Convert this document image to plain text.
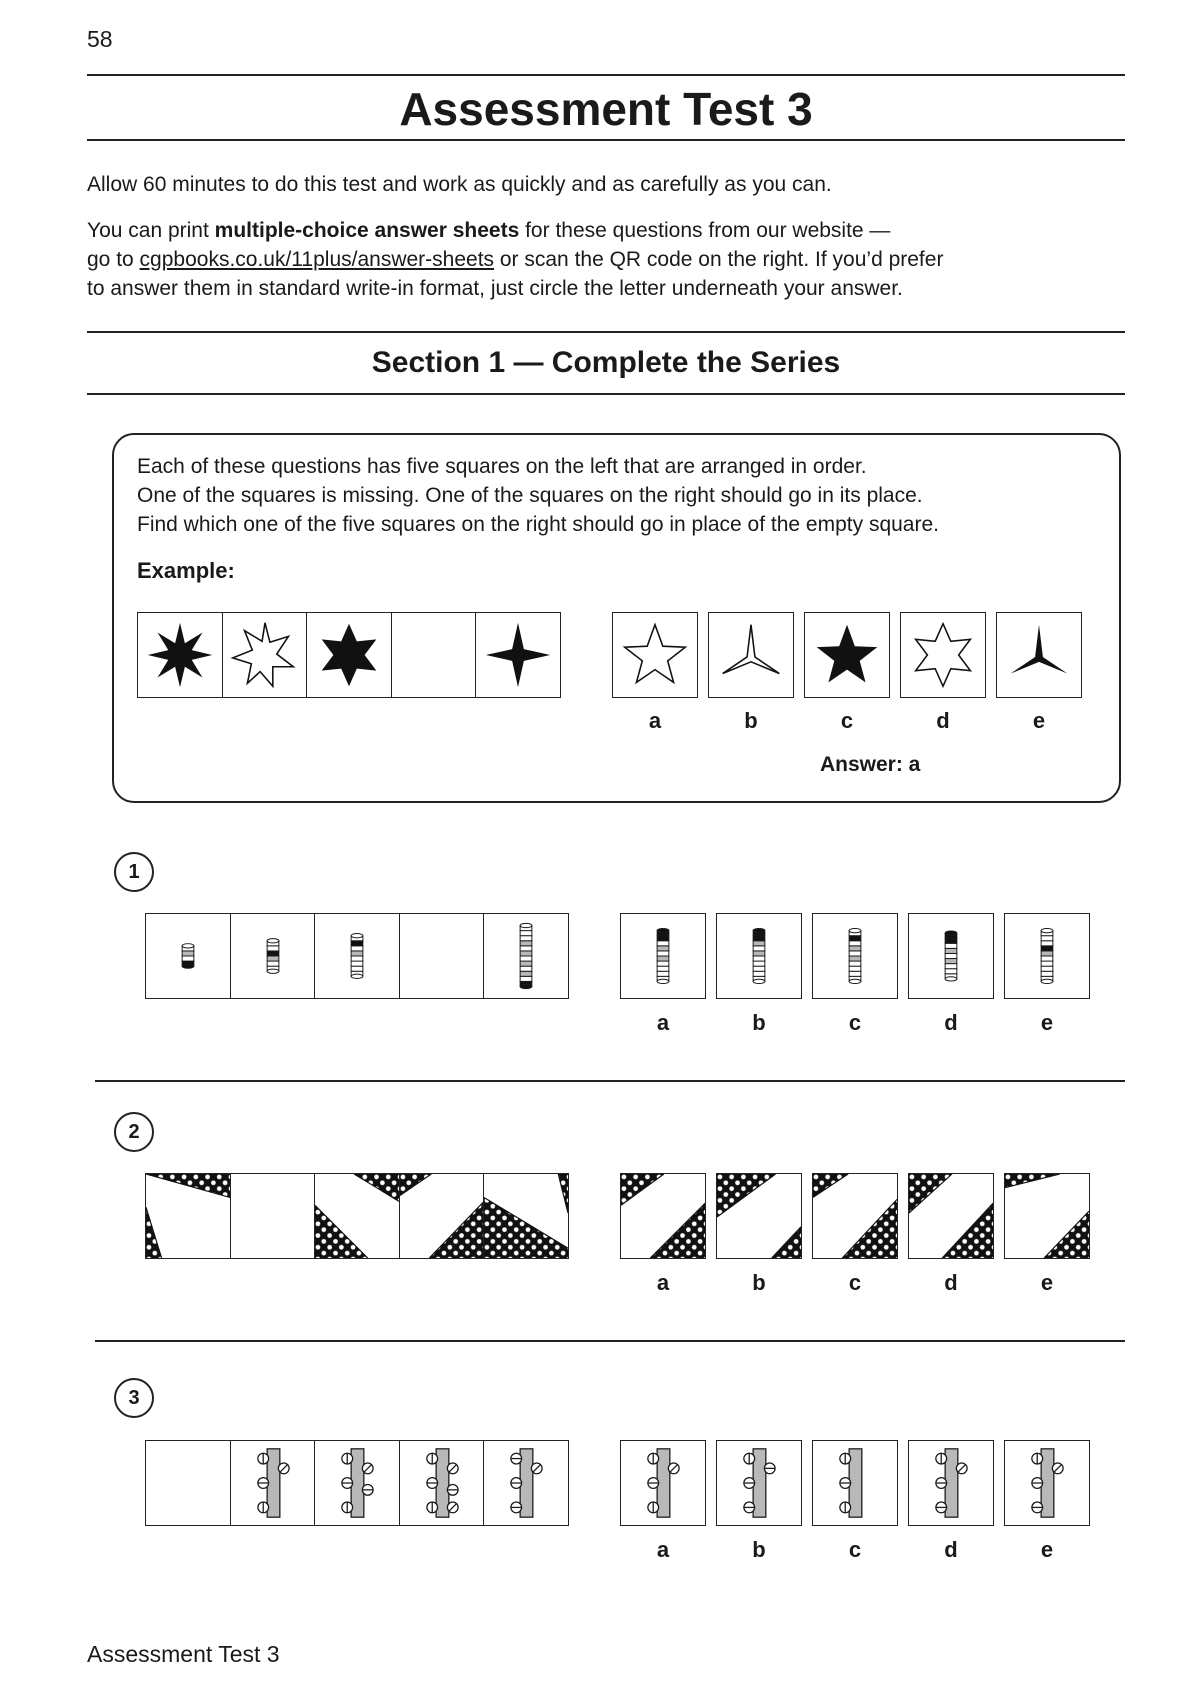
58
Assessment Test 3

Allow 60 minutes to do this test and work as quickly and as carefully as you can.

You can print multiple-choice answer sheets for these questions from our website —
go to cgpbooks.co.uk/11plus/answer-sheets or scan the QR code on the right. If you’d prefer
to answer them in standard write-in format, just circle the letter underneath your answer.

Section 1 — Complete the Series
Each of these questions has five squares on the left that are arranged in order.
One of the squares is missing. One of the squares on the right should go in its place.
Find which one of the five squares on the right should go in place of the empty square.
Example:
a	b	c	d	e
Answer: a
1
a	b	c	d	e
2
a	b	c	d	e
3
a	b	c	d	e
Assessment Test 3
